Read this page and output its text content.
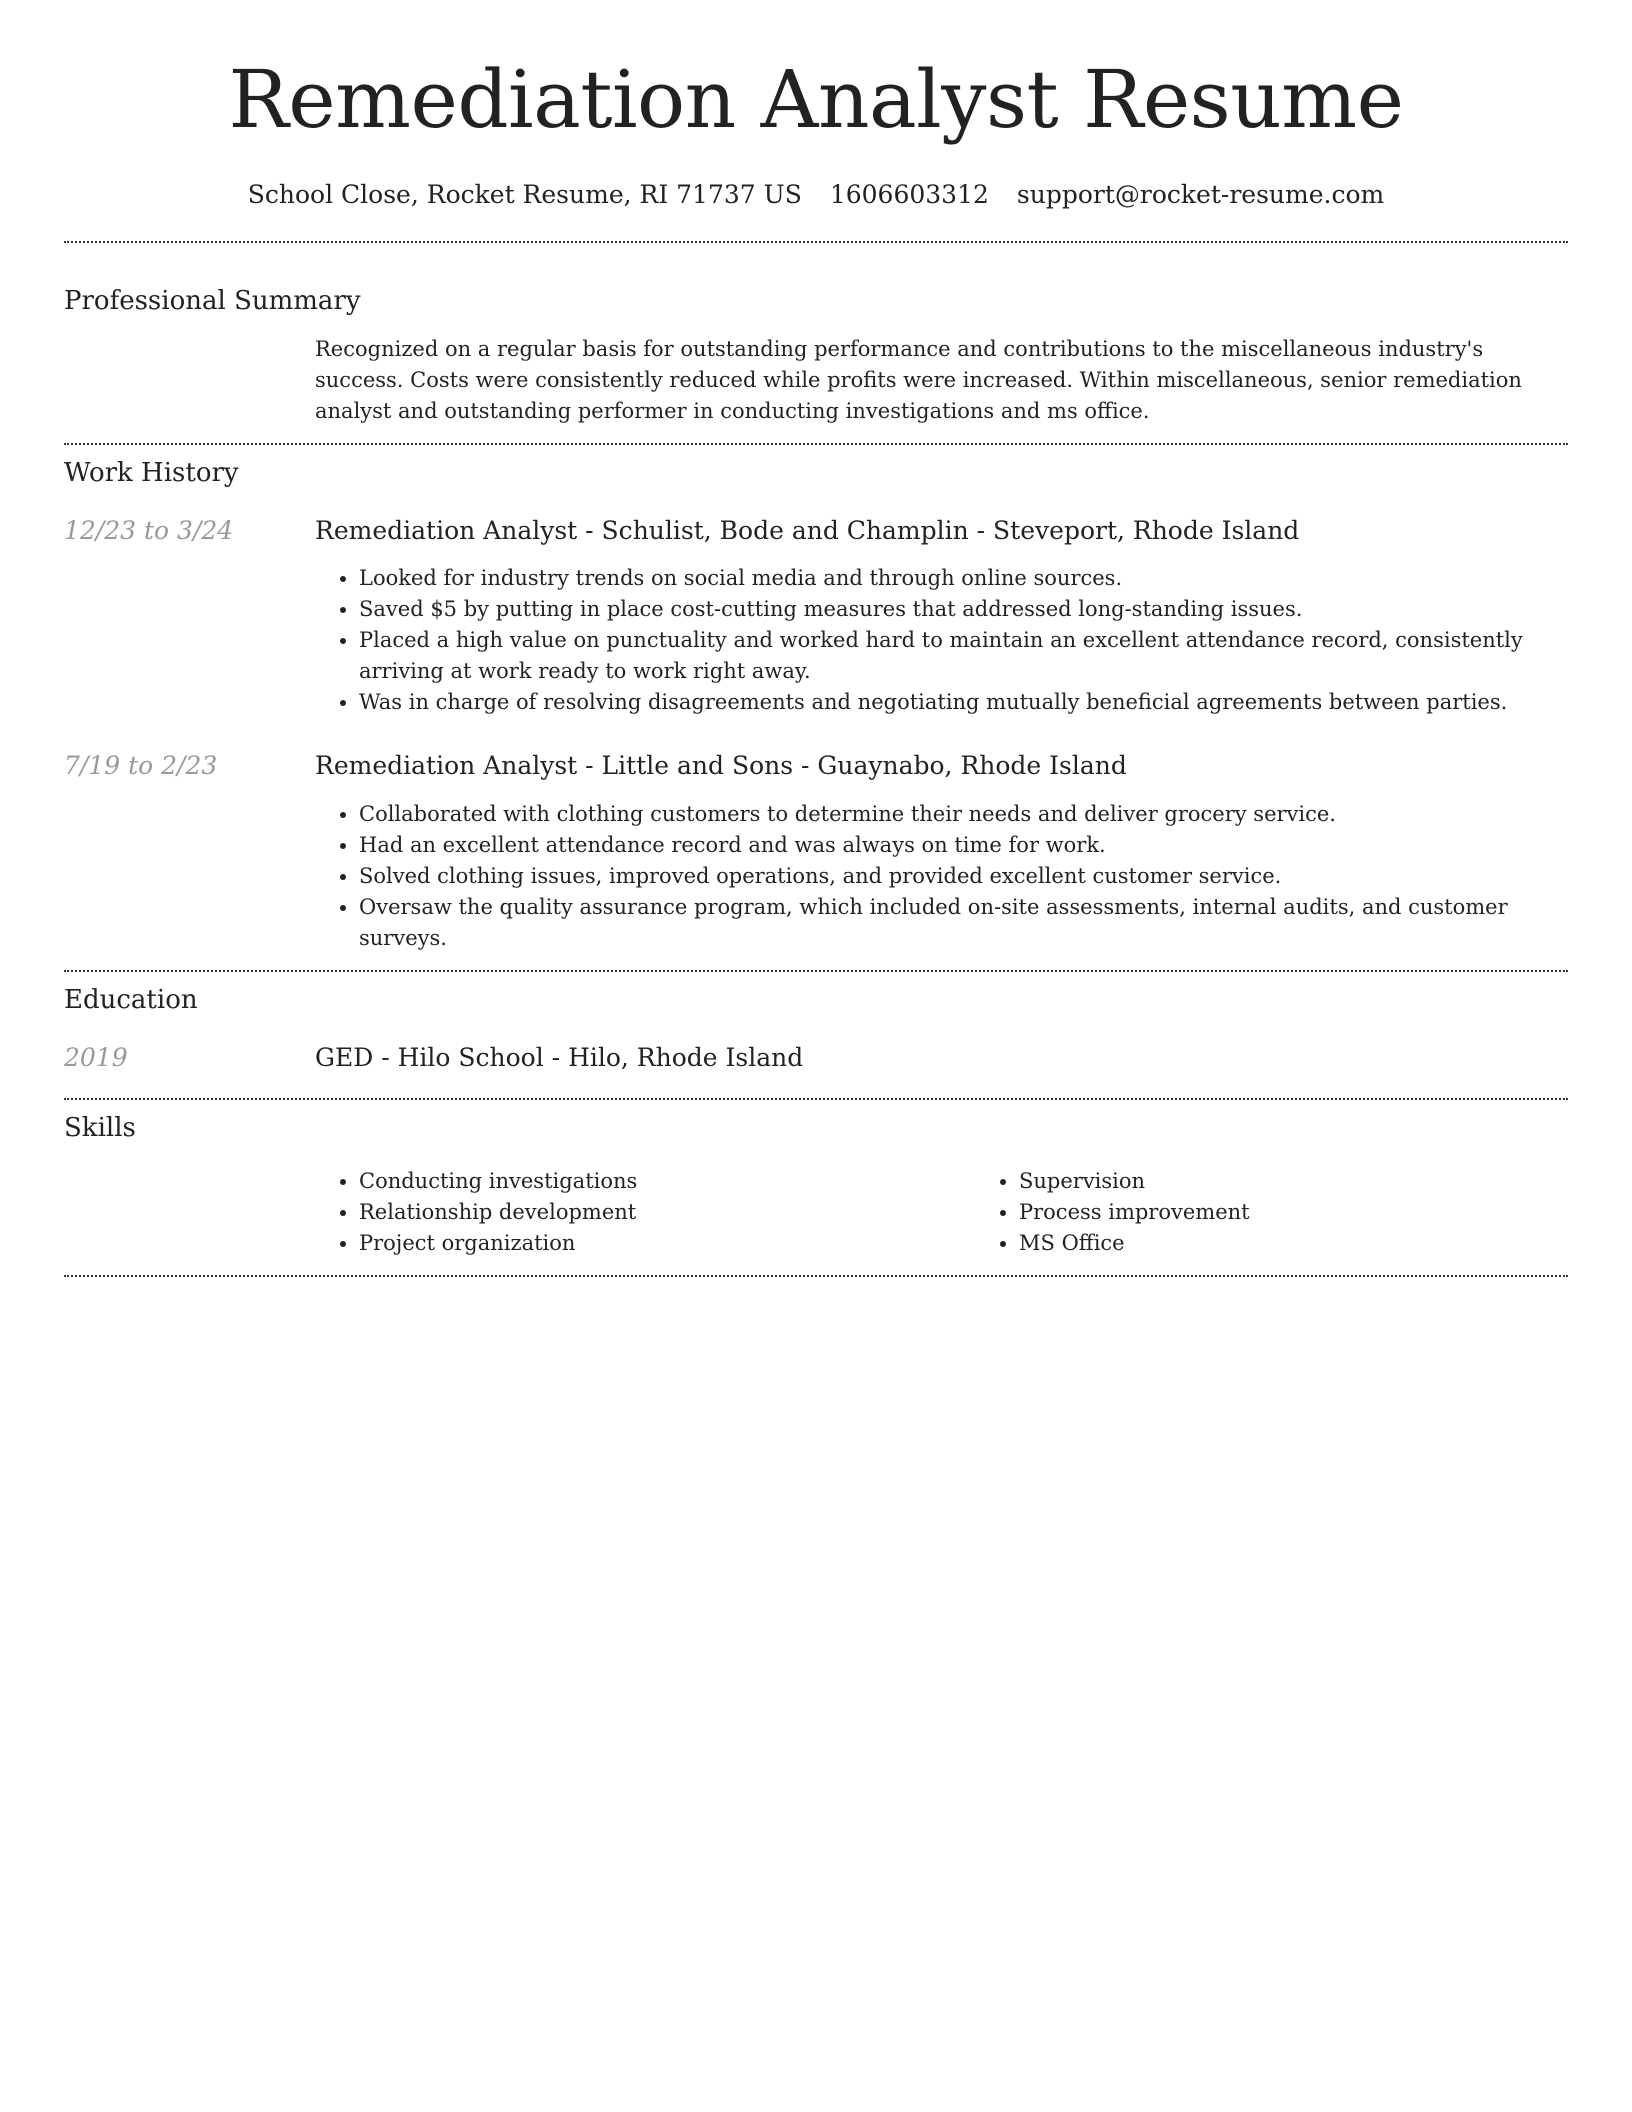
Remediation Analyst Resume
School Close, Rocket Resume, RI 71737 US 1606603312 support@rocket-resume.com
Professional Summary
Recognized on a regular basis for outstanding performance and contributions to the miscellaneous industry's success. Costs were consistently reduced while profits were increased. Within miscellaneous, senior remediation analyst and outstanding performer in conducting investigations and ms office.
Work History
12/23 to 3/24	Remediation Analyst - Schulist, Bode and Champlin - Steveport, Rhode Island
• Looked for industry trends on social media and through online sources.
• Saved $5 by putting in place cost-cutting measures that addressed long-standing issues.
• Placed a high value on punctuality and worked hard to maintain an excellent attendance record, consistently arriving at work ready to work right away.
• Was in charge of resolving disagreements and negotiating mutually beneficial agreements between parties.
7/19 to 2/23	Remediation Analyst - Little and Sons - Guaynabo, Rhode Island
• Collaborated with clothing customers to determine their needs and deliver grocery service.
• Had an excellent attendance record and was always on time for work.
• Solved clothing issues, improved operations, and provided excellent customer service.
• Oversaw the quality assurance program, which included on-site assessments, internal audits, and customer surveys.
Education
2019	GED - Hilo School - Hilo, Rhode Island
Skills
• Conducting investigations
• Relationship development
• Project organization
• Supervision
• Process improvement
• MS Office
